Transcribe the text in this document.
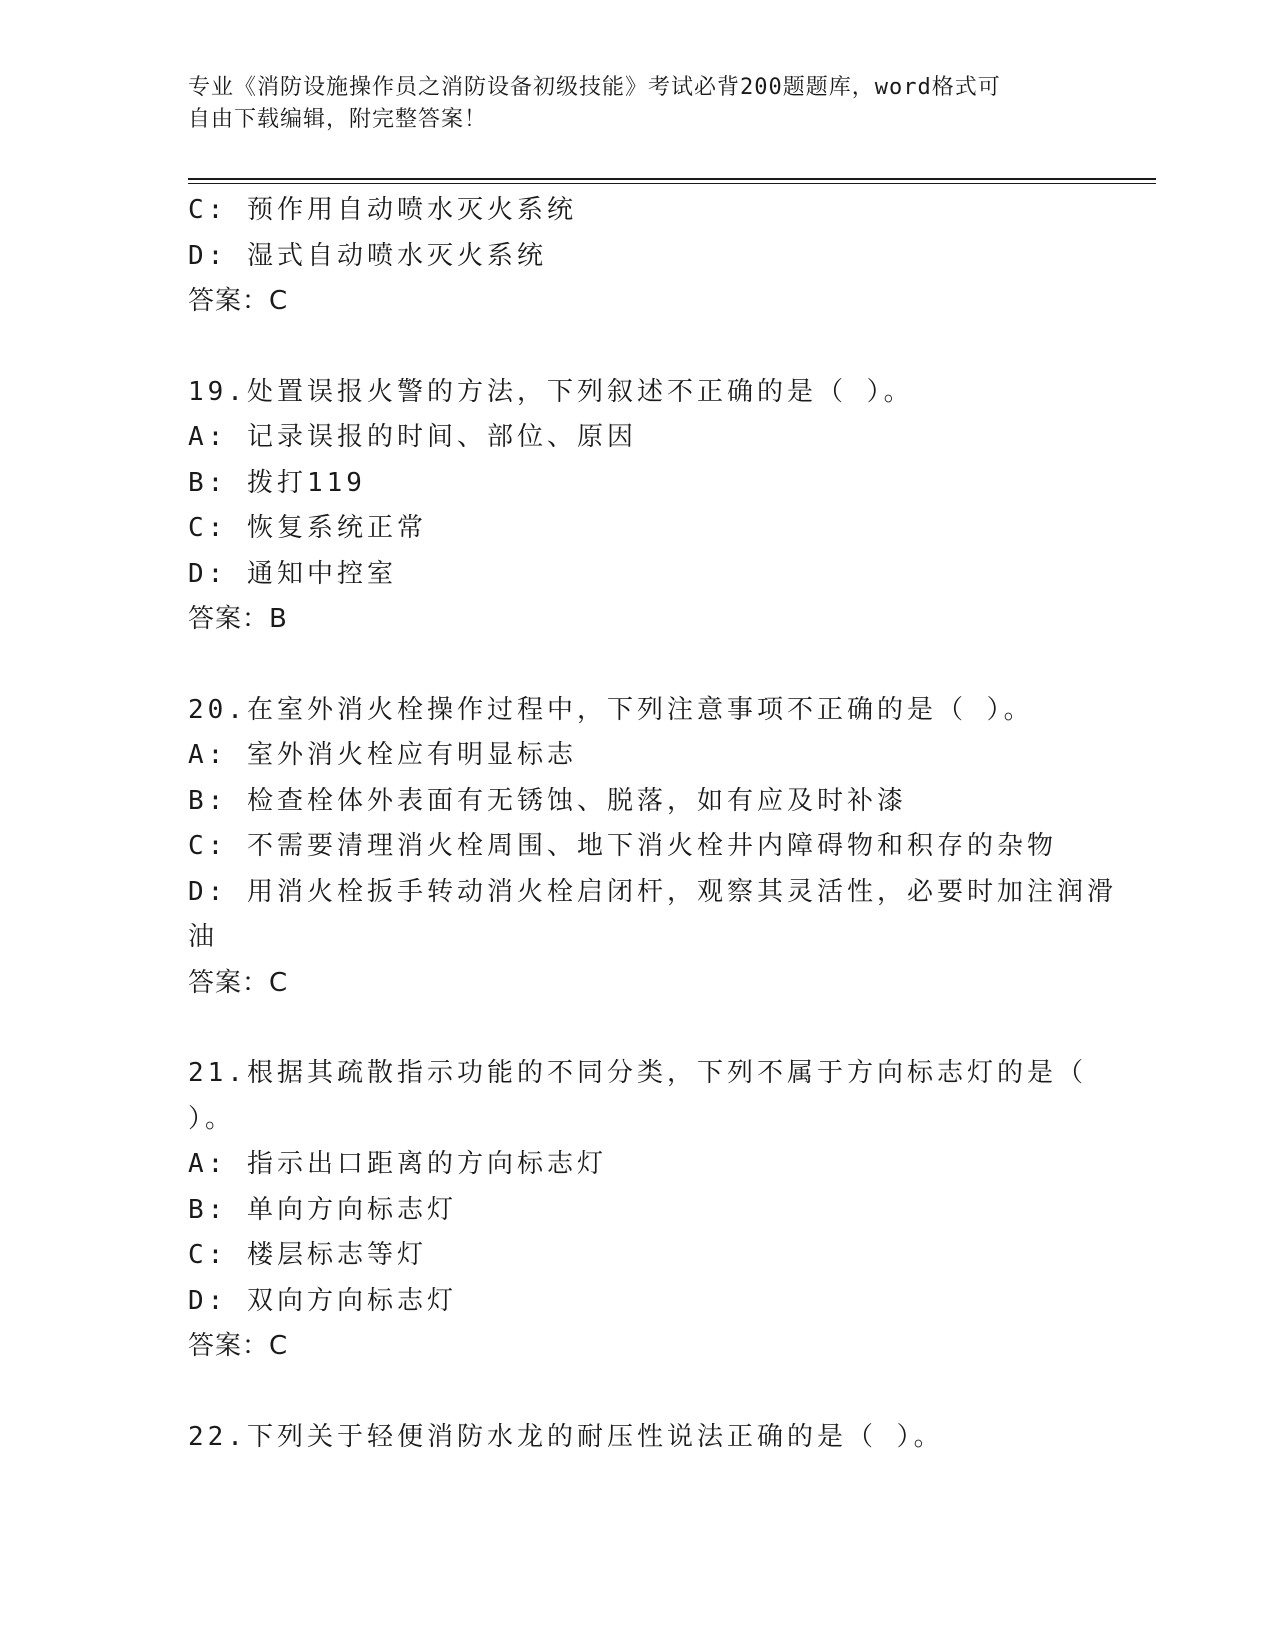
专业《消防设施操作员之消防设备初级技能》考试必背200题题库，word格式可
自由下载编辑，附完整答案！
C: 预作用自动喷水灭火系统
D: 湿式自动喷水灭火系统
答案：C
19.处置误报火警的方法，下列叙述不正确的是（ ）。
A: 记录误报的时间、部位、原因
B: 拨打119
C: 恢复系统正常
D: 通知中控室
答案：B
20.在室外消火栓操作过程中，下列注意事项不正确的是（ ）。
A: 室外消火栓应有明显标志
B: 检查栓体外表面有无锈蚀、脱落，如有应及时补漆
C: 不需要清理消火栓周围、地下消火栓井内障碍物和积存的杂物
D: 用消火栓扳手转动消火栓启闭杆，观察其灵活性，必要时加注润滑
油
答案：C
21.根据其疏散指示功能的不同分类，下列不属于方向标志灯的是（
）。
A: 指示出口距离的方向标志灯
B: 单向方向标志灯
C: 楼层标志等灯
D: 双向方向标志灯
答案：C
22.下列关于轻便消防水龙的耐压性说法正确的是（ ）。
